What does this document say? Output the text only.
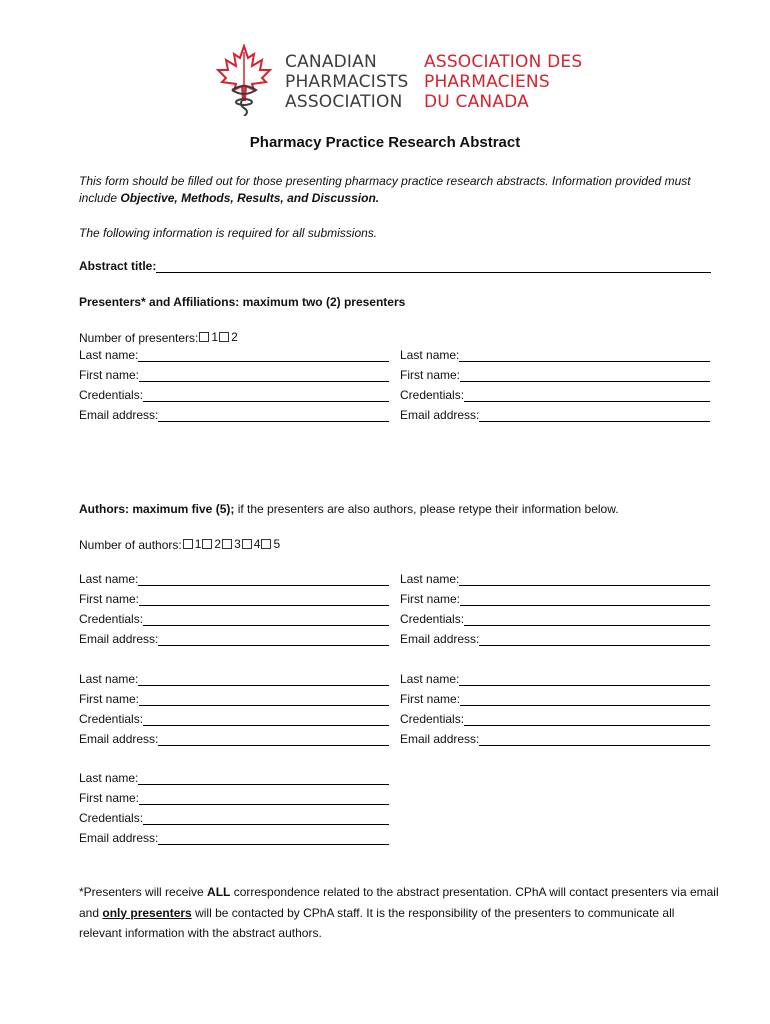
CANADIAN
PHARMACISTS
ASSOCIATION
ASSOCIATION DES
PHARMACIENS
DU CANADA
Pharmacy Practice Research Abstract
This form should be filled out for those presenting pharmacy practice research abstracts. Information provided must include Objective, Methods, Results, and Discussion.
The following information is required for all submissions.
Abstract title:
Presenters* and Affiliations: maximum two (2) presenters
Number of presenters: 1 2
Last name:
First name:
Credentials:
Email address:
Last name:
First name:
Credentials:
Email address:
Authors: maximum five (5); if the presenters are also authors, please retype their information below.
Number of authors: 1 2 3 4 5
Last name:
First name:
Credentials:
Email address:
Last name:
First name:
Credentials:
Email address:
Last name:
First name:
Credentials:
Email address:
Last name:
First name:
Credentials:
Email address:
Last name:
First name:
Credentials:
Email address:
*Presenters will receive ALL correspondence related to the abstract presentation. CPhA will contact presenters via email and only presenters will be contacted by CPhA staff. It is the responsibility of the presenters to communicate all relevant information with the abstract authors.
